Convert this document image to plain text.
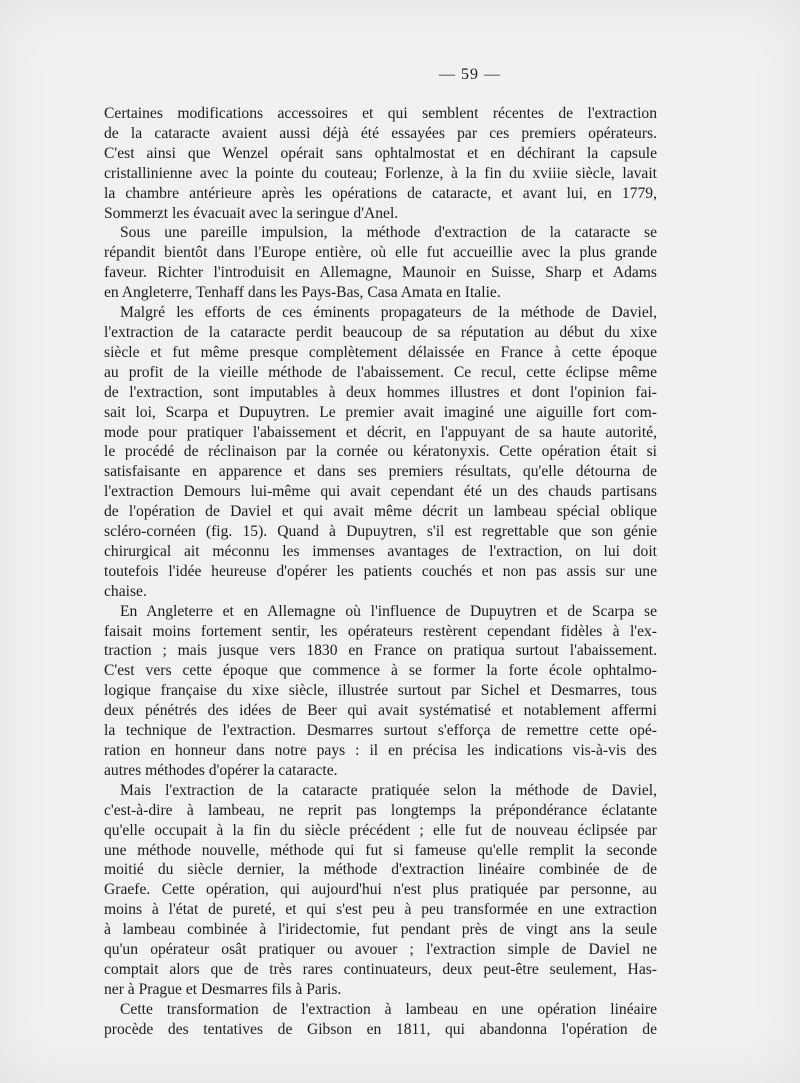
— 59 —

Certaines modifications accessoires et qui semblent récentes de l'extraction
de la cataracte avaient aussi déjà été essayées par ces premiers opérateurs.
C'est ainsi que Wenzel opérait sans ophtalmostat et en déchirant la capsule
cristallinienne avec la pointe du couteau; Forlenze, à la fin du xviiie siècle, lavait
la chambre antérieure après les opérations de cataracte, et avant lui, en 1779,
Sommerzt les évacuait avec la seringue d'Anel.

Sous une pareille impulsion, la méthode d'extraction de la cataracte se
répandit bientôt dans l'Europe entière, où elle fut accueillie avec la plus grande
faveur. Richter l'introduisit en Allemagne, Maunoir en Suisse, Sharp et Adams
en Angleterre, Tenhaff dans les Pays-Bas, Casa Amata en Italie.

Malgré les efforts de ces éminents propagateurs de la méthode de Daviel,
l'extraction de la cataracte perdit beaucoup de sa réputation au début du xixe
siècle et fut même presque complètement délaissée en France à cette époque
au profit de la vieille méthode de l'abaissement. Ce recul, cette éclipse même
de l'extraction, sont imputables à deux hommes illustres et dont l'opinion fai-
sait loi, Scarpa et Dupuytren. Le premier avait imaginé une aiguille fort com-
mode pour pratiquer l'abaissement et décrit, en l'appuyant de sa haute autorité,
le procédé de réclinaison par la cornée ou kératonyxis. Cette opération était si
satisfaisante en apparence et dans ses premiers résultats, qu'elle détourna de
l'extraction Demours lui-même qui avait cependant été un des chauds partisans
de l'opération de Daviel et qui avait même décrit un lambeau spécial oblique
scléro-cornéen (fig. 15). Quand à Dupuytren, s'il est regrettable que son génie
chirurgical ait méconnu les immenses avantages de l'extraction, on lui doit
toutefois l'idée heureuse d'opérer les patients couchés et non pas assis sur une
chaise.

En Angleterre et en Allemagne où l'influence de Dupuytren et de Scarpa se
faisait moins fortement sentir, les opérateurs restèrent cependant fidèles à l'ex-
traction ; mais jusque vers 1830 en France on pratiqua surtout l'abaissement.
C'est vers cette époque que commence à se former la forte école ophtalmo-
logique française du xixe siècle, illustrée surtout par Sichel et Desmarres, tous
deux pénétrés des idées de Beer qui avait systématisé et notablement affermi
la technique de l'extraction. Desmarres surtout s'efforça de remettre cette opé-
ration en honneur dans notre pays : il en précisa les indications vis-à-vis des
autres méthodes d'opérer la cataracte.

Mais l'extraction de la cataracte pratiquée selon la méthode de Daviel,
c'est-à-dire à lambeau, ne reprit pas longtemps la prépondérance éclatante
qu'elle occupait à la fin du siècle précédent ; elle fut de nouveau éclipsée par
une méthode nouvelle, méthode qui fut si fameuse qu'elle remplit la seconde
moitié du siècle dernier, la méthode d'extraction linéaire combinée de de
Graefe. Cette opération, qui aujourd'hui n'est plus pratiquée par personne, au
moins à l'état de pureté, et qui s'est peu à peu transformée en une extraction
à lambeau combinée à l'iridectomie, fut pendant près de vingt ans la seule
qu'un opérateur osât pratiquer ou avouer ; l'extraction simple de Daviel ne
comptait alors que de très rares continuateurs, deux peut-être seulement, Has-
ner à Prague et Desmarres fils à Paris.

Cette transformation de l'extraction à lambeau en une opération linéaire
procède des tentatives de Gibson en 1811, qui abandonna l'opération de
